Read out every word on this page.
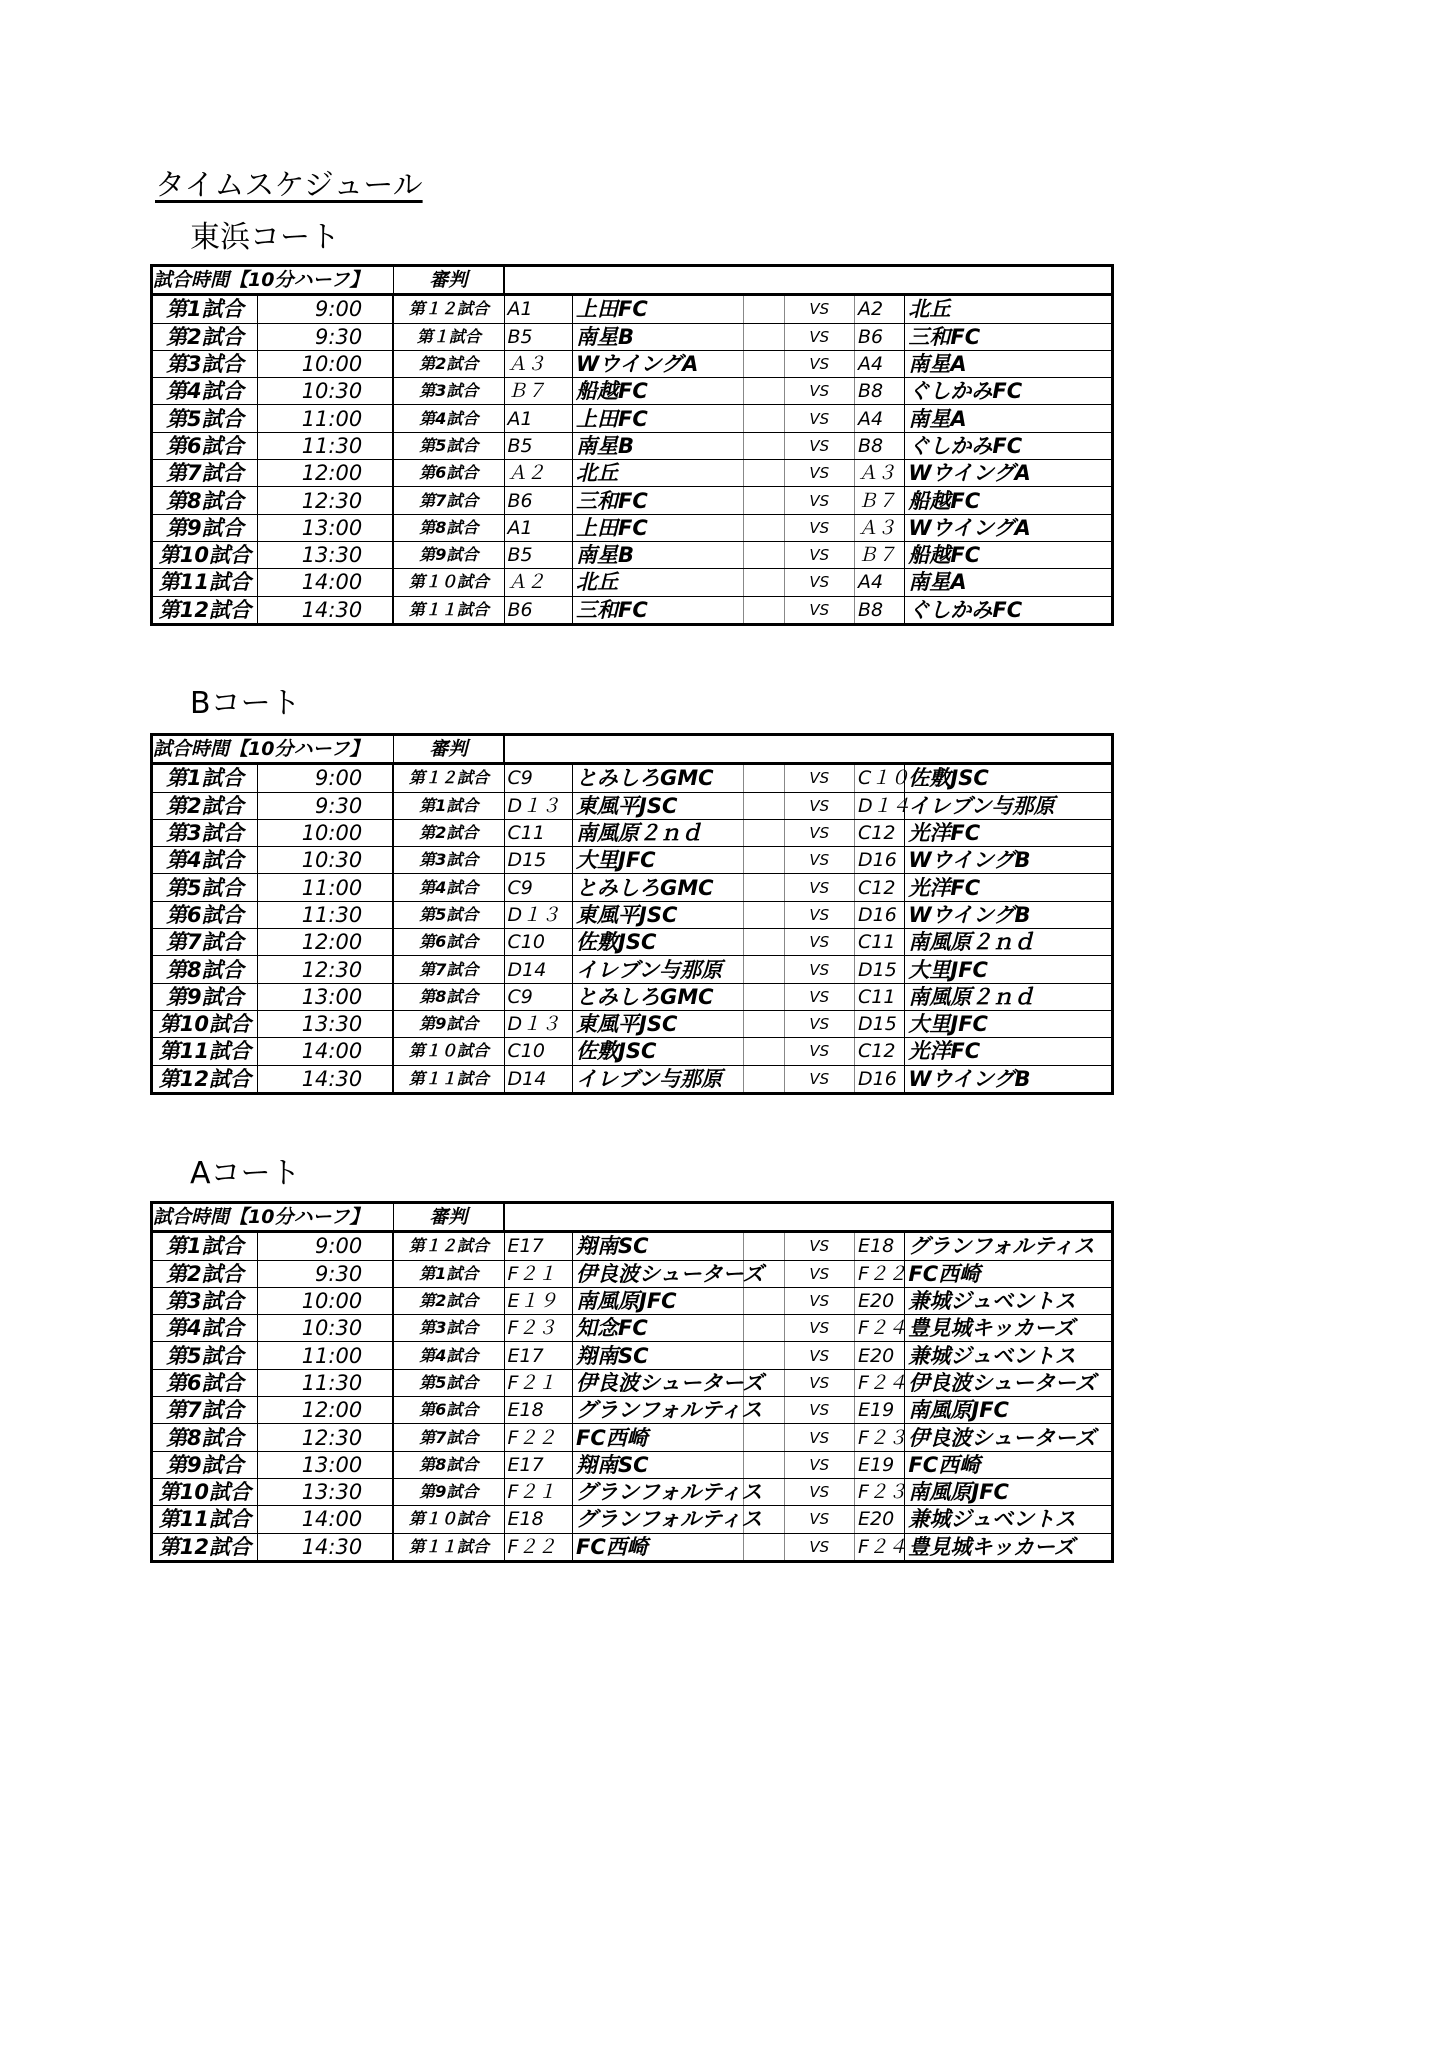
タイムスケジュール
東浜コート
試合時間【10分ハーフ】		審判						
第1試合	9:00	第１２試合	A1	上田FC		VS	A2	北丘
第2試合	9:30	第１試合	B5	南星B		VS	B6	三和FC
第3試合	10:00	第2試合	Ａ３	WウイングA		VS	A4	南星A
第4試合	10:30	第3試合	Ｂ７	船越FC		VS	B8	ぐしかみFC
第5試合	11:00	第4試合	A1	上田FC		VS	A4	南星A
第6試合	11:30	第5試合	B5	南星B		VS	B8	ぐしかみFC
第7試合	12:00	第6試合	Ａ２	北丘		VS	Ａ３	WウイングA
第8試合	12:30	第7試合	B6	三和FC		VS	Ｂ７	船越FC
第9試合	13:00	第8試合	A1	上田FC		VS	Ａ３	WウイングA
第10試合	13:30	第9試合	B5	南星B		VS	Ｂ７	船越FC
第11試合	14:00	第１０試合	Ａ２	北丘		VS	A4	南星A
第12試合	14:30	第１１試合	B6	三和FC		VS	B8	ぐしかみFC
Bコート
試合時間【10分ハーフ】		審判						
第1試合	9:00	第１２試合	C9	とみしろGMC		VS	C１０	佐敷JSC
第2試合	9:30	第1試合	D１３	東風平JSC		VS	D１４	イレブン与那原
第3試合	10:00	第2試合	C11	南風原２ｎｄ		VS	C12	光洋FC
第4試合	10:30	第3試合	D15	大里JFC		VS	D16	WウイングB
第5試合	11:00	第4試合	C9	とみしろGMC		VS	C12	光洋FC
第6試合	11:30	第5試合	D１３	東風平JSC		VS	D16	WウイングB
第7試合	12:00	第6試合	C10	佐敷JSC		VS	C11	南風原２ｎｄ
第8試合	12:30	第7試合	D14	イレブン与那原		VS	D15	大里JFC
第9試合	13:00	第8試合	C9	とみしろGMC		VS	C11	南風原２ｎｄ
第10試合	13:30	第9試合	D１３	東風平JSC		VS	D15	大里JFC
第11試合	14:00	第１０試合	C10	佐敷JSC		VS	C12	光洋FC
第12試合	14:30	第１１試合	D14	イレブン与那原		VS	D16	WウイングB
Aコート
試合時間【10分ハーフ】		審判						
第1試合	9:00	第１２試合	E17	翔南SC		VS	E18	グランフォルティス
第2試合	9:30	第1試合	F２１	伊良波シューターズ		VS	F２２	FC西崎
第3試合	10:00	第2試合	E１９	南風原JFC		VS	E20	兼城ジュベントス
第4試合	10:30	第3試合	F２３	知念FC		VS	F２４	豊見城キッカーズ
第5試合	11:00	第4試合	E17	翔南SC		VS	E20	兼城ジュベントス
第6試合	11:30	第5試合	F２１	伊良波シューターズ		VS	F２４	伊良波シューターズ
第7試合	12:00	第6試合	E18	グランフォルティス		VS	E19	南風原JFC
第8試合	12:30	第7試合	F２２	FC西崎		VS	F２３	伊良波シューターズ
第9試合	13:00	第8試合	E17	翔南SC		VS	E19	FC西崎
第10試合	13:30	第9試合	F２１	グランフォルティス		VS	F２３	南風原JFC
第11試合	14:00	第１０試合	E18	グランフォルティス		VS	E20	兼城ジュベントス
第12試合	14:30	第１１試合	F２２	FC西崎		VS	F２４	豊見城キッカーズ
